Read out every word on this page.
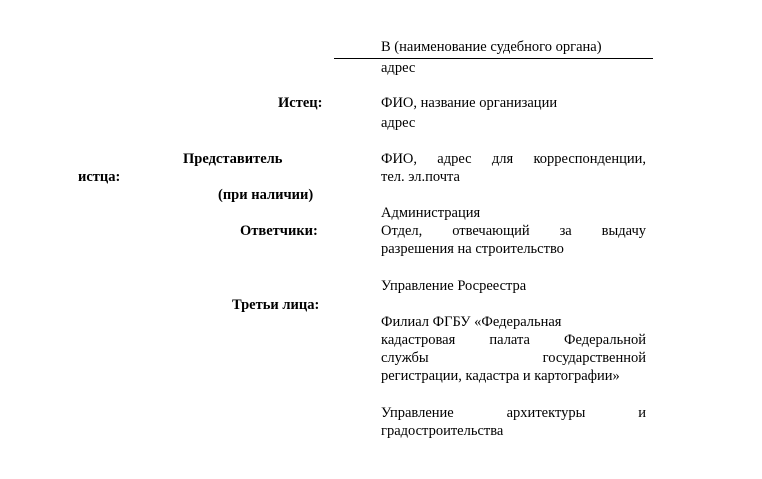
В (наименование судебного органа)
адрес
Истец:	ФИО, название организации
адрес
Представитель
истца:
(при наличии)
ФИО, адрес для корреспонденции,
тел. эл.почта
Администрация
Ответчики:	Отдел, отвечающий за выдачу
разрешения на строительство
Управление Росреестра
Третьи лица:
Филиал ФГБУ «Федеральная
кадастровая палата Федеральной
службы государственной
регистрации, кадастра и картографии»
Управление архитектуры и
градостроительства
